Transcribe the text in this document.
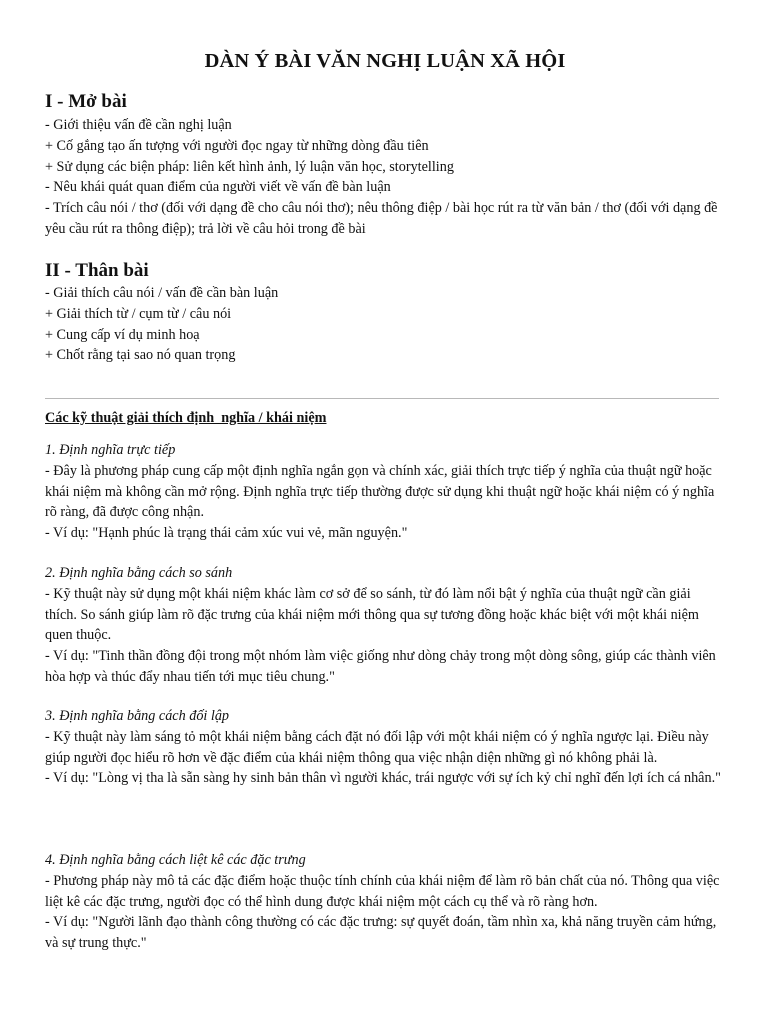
DÀN Ý BÀI VĂN NGHỊ LUẬN XÃ HỘI
I - Mở bài
- Giới thiệu vấn đề cần nghị luận
+ Cố gắng tạo ấn tượng với người đọc ngay từ những dòng đầu tiên
+ Sử dụng các biện pháp: liên kết hình ảnh, lý luận văn học, storytelling
- Nêu khái quát quan điểm của người viết về vấn đề bàn luận
- Trích câu nói / thơ (đối với dạng đề cho câu nói thơ); nêu thông điệp / bài học rút ra từ văn bản / thơ (đối với dạng đề yêu cầu rút ra thông điệp); trả lời về câu hỏi trong đề bài
II - Thân bài
- Giải thích câu nói / vấn đề cần bàn luận
+ Giải thích từ / cụm từ / câu nói
+ Cung cấp ví dụ minh hoạ
+ Chốt rằng tại sao nó quan trọng

Các kỹ thuật giải thích định  nghĩa / khái niệm

1. Định nghĩa trực tiếp

- Đây là phương pháp cung cấp một định nghĩa ngắn gọn và chính xác, giải thích trực tiếp ý nghĩa của thuật ngữ hoặc khái niệm mà không cần mở rộng. Định nghĩa trực tiếp thường được sử dụng khi thuật ngữ hoặc khái niệm có ý nghĩa rõ ràng, đã được công nhận.

- Ví dụ: "Hạnh phúc là trạng thái cảm xúc vui vẻ, mãn nguyện."

2. Định nghĩa bằng cách so sánh

- Kỹ thuật này sử dụng một khái niệm khác làm cơ sở để so sánh, từ đó làm nổi bật ý nghĩa của thuật ngữ cần giải thích. So sánh giúp làm rõ đặc trưng của khái niệm mới thông qua sự tương đồng hoặc khác biệt với một khái niệm quen thuộc.

- Ví dụ: "Tinh thần đồng đội trong một nhóm làm việc giống như dòng chảy trong một dòng sông, giúp các thành viên hòa hợp và thúc đẩy nhau tiến tới mục tiêu chung."

3. Định nghĩa bằng cách đối lập

- Kỹ thuật này làm sáng tỏ một khái niệm bằng cách đặt nó đối lập với một khái niệm có ý nghĩa ngược lại. Điều này giúp người đọc hiểu rõ hơn về đặc điểm của khái niệm thông qua việc nhận diện những gì nó không phải là.

- Ví dụ: "Lòng vị tha là sẵn sàng hy sinh bản thân vì người khác, trái ngược với sự ích kỷ chỉ nghĩ đến lợi ích cá nhân."

4. Định nghĩa bằng cách liệt kê các đặc trưng

- Phương pháp này mô tả các đặc điểm hoặc thuộc tính chính của khái niệm để làm rõ bản chất của nó. Thông qua việc liệt kê các đặc trưng, người đọc có thể hình dung được khái niệm một cách cụ thể và rõ ràng hơn.

- Ví dụ: "Người lãnh đạo thành công thường có các đặc trưng: sự quyết đoán, tầm nhìn xa, khả năng truyền cảm hứng, và sự trung thực."
